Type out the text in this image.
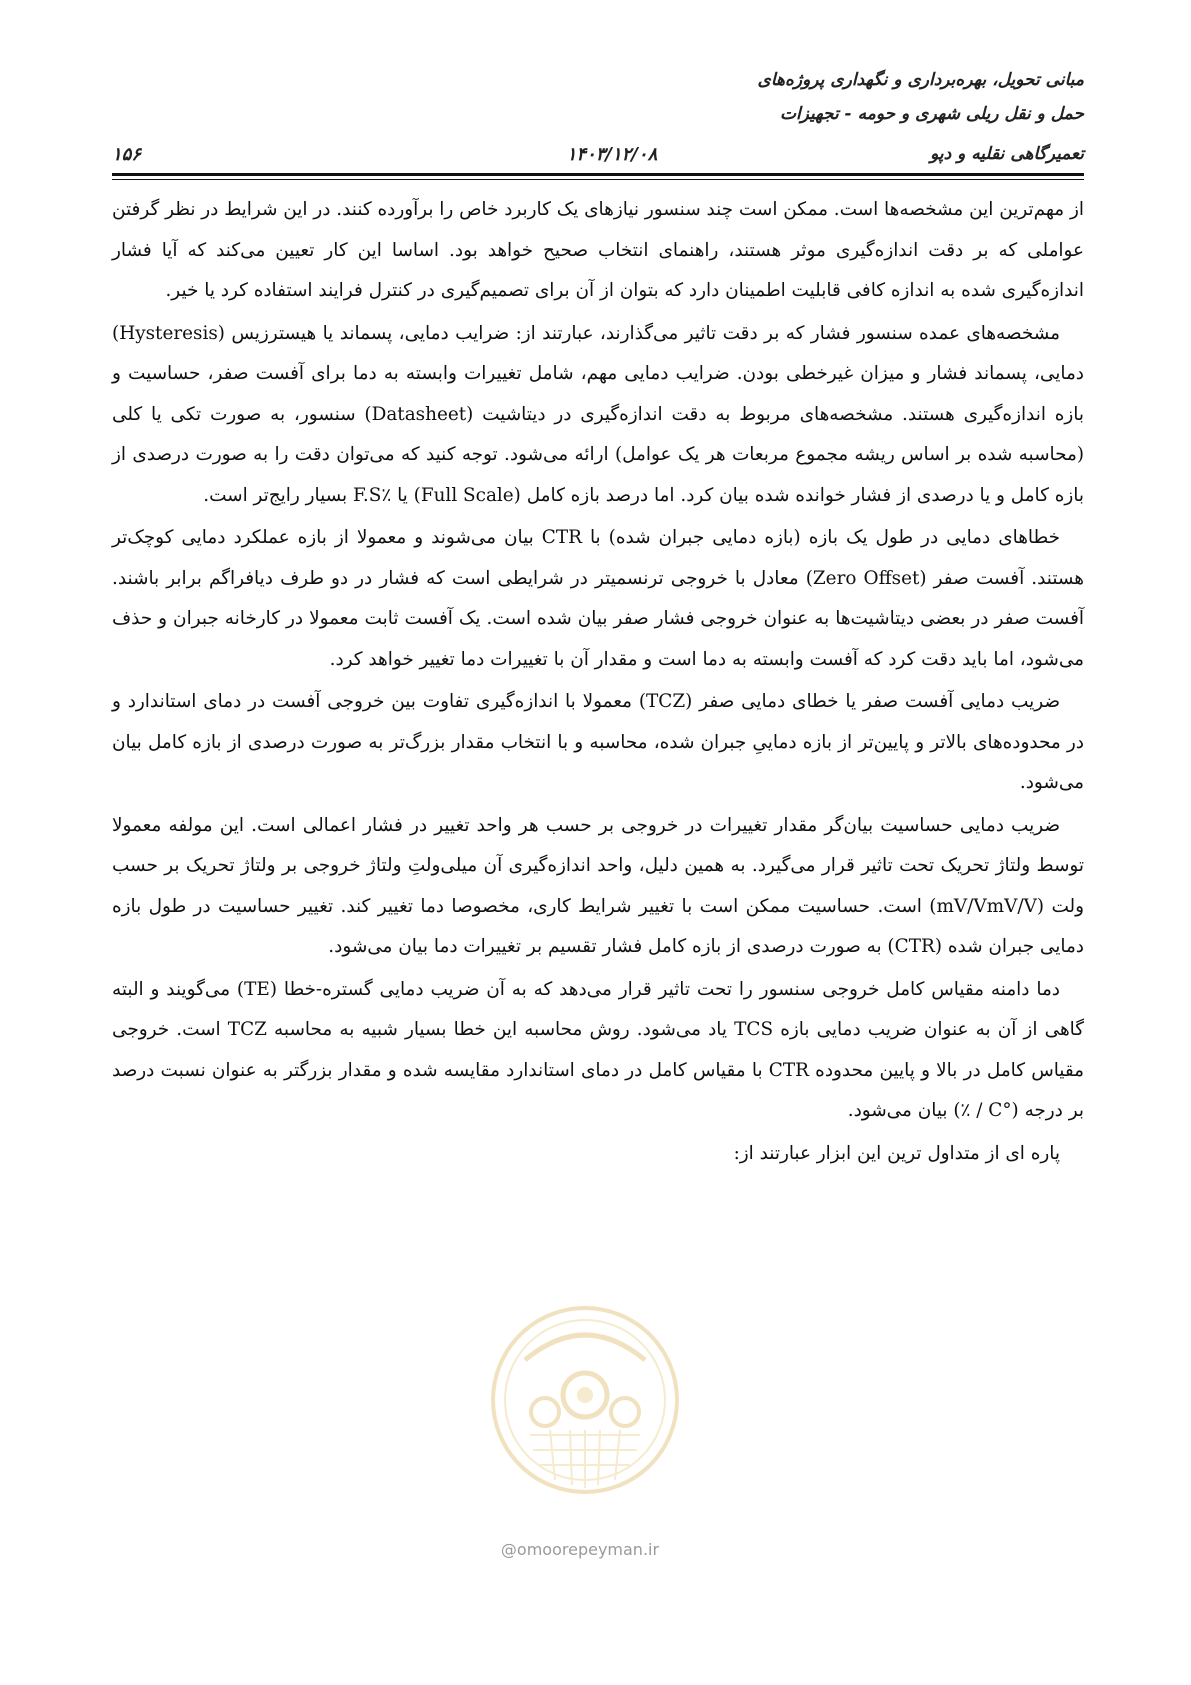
مبانی تحویل، بهره‌برداری و نگهداری پروژه‌های
حمل و نقل ریلی شهری و حومه - تجهیزات
تعمیرگاهی نقلیه و دپو
۱۴۰۳/۱۲/۰۸
۱۵۶

از مهم‌ترین این مشخصه‌ها است. ممکن است چند سنسور نیازهای یک کاربرد خاص را برآورده کنند. در این شرایط در نظر گرفتن عواملی که بر دقت اندازه‌گیری موثر هستند، راهنمای انتخاب صحیح خواهد بود. اساسا این کار تعیین می‌کند که آیا فشار اندازه‌گیری شده به اندازه کافی قابلیت اطمینان دارد که بتوان از آن برای تصمیم‌گیری در کنترل فرایند استفاده کرد یا خیر.

مشخصه‌های عمده سنسور فشار که بر دقت تاثیر می‌گذارند، عبارتند از: ضرایب دمایی، پسماند یا هیسترزیس (Hysteresis) دمایی، پسماند فشار و میزان غیرخطی بودن. ضرایب دمایی مهم، شامل تغییرات وابسته به دما برای آفست صفر، حساسیت و بازه اندازه‌گیری هستند. مشخصه‌های مربوط به دقت اندازه‌گیری در دیتاشیت (Datasheet) سنسور، به صورت تکی یا کلی (محاسبه شده بر اساس ریشه مجموع مربعات هر یک عوامل) ارائه می‌شود. توجه کنید که می‌توان دقت را به صورت درصدی از بازه کامل و یا درصدی از فشار خوانده شده بیان کرد. اما درصد بازه کامل (Full Scale) یا ٪F.S بسیار رایج‌تر است.

خطاهای دمایی در طول یک بازه (بازه دمایی جبران شده) با CTR بیان می‌شوند و معمولا از بازه عملکرد دمایی کوچک‌تر هستند. آفست صفر (Zero Offset) معادل با خروجی ترنسمیتر در شرایطی است که فشار در دو طرف دیافراگم برابر باشند. آفست صفر در بعضی دیتاشیت‌ها به عنوان خروجی فشار صفر بیان شده است. یک آفست ثابت معمولا در کارخانه جبران و حذف می‌شود، اما باید دقت کرد که آفست وابسته به دما است و مقدار آن با تغییرات دما تغییر خواهد کرد.

ضریب دمایی آفست صفر یا خطای دمایی صفر (TCZ) معمولا با اندازه‌گیری تفاوت بین خروجی آفست در دمای استاندارد و در محدوده‌های بالاتر و پایین‌تر از بازه دماییِ جبران شده، محاسبه و با انتخاب مقدار بزرگ‌تر به صورت درصدی از بازه کامل بیان می‌شود.

ضریب دمایی حساسیت بیان‌گر مقدار تغییرات در خروجی بر حسب هر واحد تغییر در فشار اعمالی است. این مولفه معمولا توسط ولتاژ تحریک تحت تاثیر قرار می‌گیرد. به همین دلیل، واحد اندازه‌گیری آن میلی‌ولتِ ولتاژ خروجی بر ولتاژ تحریک بر حسب ولت (mV/VmV/V) است. حساسیت ممکن است با تغییر شرایط کاری، مخصوصا دما تغییر کند. تغییر حساسیت در طول بازه دمایی جبران شده (CTR) به صورت درصدی از بازه کامل فشار تقسیم بر تغییرات دما بیان می‌شود.

دما دامنه مقیاس کامل خروجی سنسور را تحت تاثیر قرار می‌دهد که به آن ضریب دمایی گستره-خطا (TE) می‌گویند و البته گاهی از آن به عنوان ضریب دمایی بازه TCS یاد می‌شود. روش محاسبه این خطا بسیار شبیه به محاسبه TCZ است. خروجی مقیاس کامل در بالا و پایین محدوده CTR با مقیاس کامل در دمای استاندارد مقایسه شده و مقدار بزرگتر به عنوان نسبت درصد بر درجه (°C / ٪) بیان می‌شود.

پاره ای از متداول ترین این ابزار عبارتند از:

@omoorepeyman.ir
